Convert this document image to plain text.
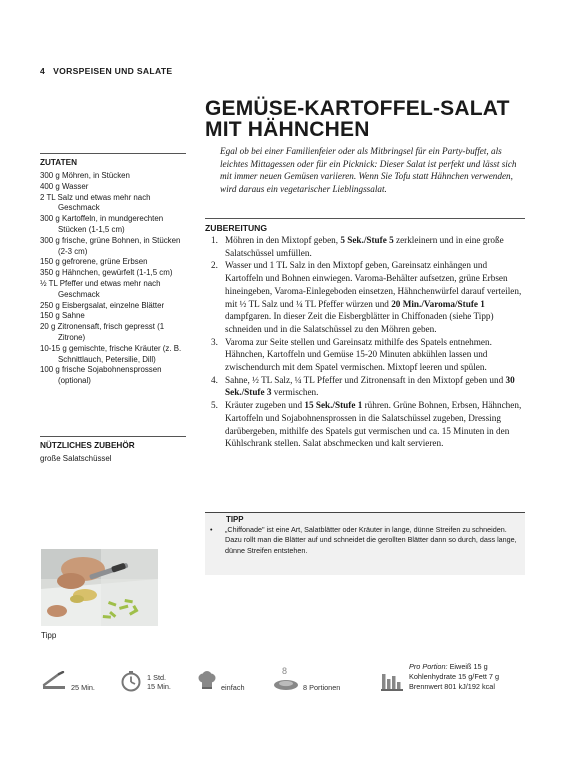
4 VORSPEISEN UND SALATE
GEMÜSE-KARTOFFEL-SALAT
MIT HÄHNCHEN
Egal ob bei einer Familienfeier oder als Mitbringsel für ein Party-buffet, als leichtes Mittagessen oder für ein Picknick: Dieser Salat ist perfekt und lässt sich mit immer neuen Gemüsen variieren. Wenn Sie Tofu statt Hähnchen verwenden, wird daraus ein vegetarischer Lieblingssalat.
ZUTATEN
300 g Möhren, in Stücken
400 g Wasser
2 TL Salz und etwas mehr nach Geschmack
300 g Kartoffeln, in mundgerechten Stücken (1-1,5 cm)
300 g frische, grüne Bohnen, in Stücken (2-3 cm)
150 g gefrorene, grüne Erbsen
350 g Hähnchen, gewürfelt (1-1,5 cm)
½ TL Pfeffer und etwas mehr nach Geschmack
250 g Eisbergsalat, einzelne Blätter
150 g Sahne
20 g Zitronensaft, frisch gepresst (1 Zitrone)
10-15 g gemischte, frische Kräuter (z. B. Schnittlauch, Petersilie, Dill)
100 g frische Sojabohnensprossen (optional)
NÜTZLICHES ZUBEHÖR
große Salatschüssel
Tipp
ZUBEREITUNG
1. Möhren in den Mixtopf geben, 5 Sek./Stufe 5 zerkleinern und in eine große Salatschüssel umfüllen.
2. Wasser und 1 TL Salz in den Mixtopf geben, Gareinsatz einhängen und Kartoffeln und Bohnen einwiegen. Varoma-Behälter aufsetzen, grüne Erbsen hineingeben, Varoma-Einlegeboden einsetzen, Hähnchenwürfel darauf verteilen, mit ½ TL Salz und ¼ TL Pfeffer würzen und 20 Min./Varoma/Stufe 1 dampfgaren. In dieser Zeit die Eisbergblätter in Chiffonaden (siehe Tipp) schneiden und in die Salatschüssel zu den Möhren geben.
3. Varoma zur Seite stellen und Gareinsatz mithilfe des Spatels entnehmen. Hähnchen, Kartoffeln und Gemüse 15-20 Minuten abkühlen lassen und zwischendurch mit dem Spatel vermischen. Mixtopf leeren und spülen.
4. Sahne, ½ TL Salz, ¼ TL Pfeffer und Zitronensaft in den Mixtopf geben und 30 Sek./Stufe 3 vermischen.
5. Kräuter zugeben und 15 Sek./Stufe 1 rühren. Grüne Bohnen, Erbsen, Hähnchen, Kartoffeln und Sojabohnensprossen in die Salatschüssel zugeben, Dressing darübergeben, mithilfe des Spatels gut vermischen und ca. 15 Minuten in den Kühlschrank stellen. Salat abschmecken und kalt servieren.
TIPP
•	„Chiffonade" ist eine Art, Salatblätter oder Kräuter in lange, dünne Streifen zu schneiden. Dazu rollt man die Blätter auf und schneidet die gerollten Blätter dann so durch, dass lange, dünne Streifen entstehen.
25 Min.
1 Std.
15 Min.	einfach
8
8 Portionen
Pro Portion: Eiweiß 15 g
Kohlenhydrate 15 g/Fett 7 g
Brennwert 801 kJ/192 kcal
